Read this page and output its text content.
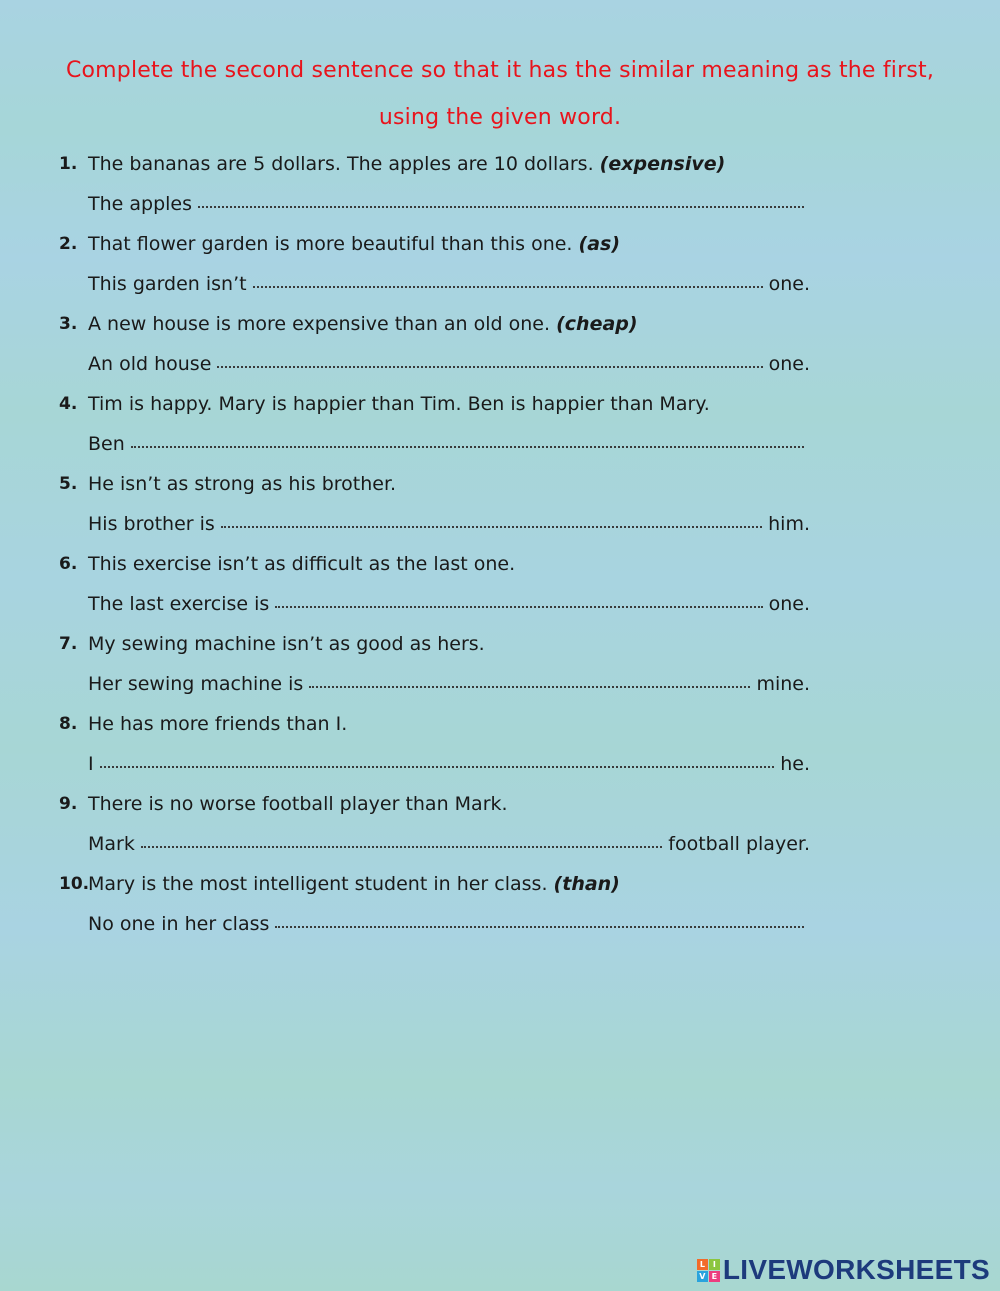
Complete the second sentence so that it has the similar meaning as the first,
using the given word.
1. The bananas are 5 dollars. The apples are 10 dollars. (expensive)
The apples
2. That flower garden is more beautiful than this one. (as)
This garden isn’t	one.
3. A new house is more expensive than an old one. (cheap)
An old house	one.
4. Tim is happy. Mary is happier than Tim. Ben is happier than Mary.
Ben
5. He isn’t as strong as his brother.
His brother is	him.
6. This exercise isn’t as difficult as the last one.
The last exercise is	one.
7. My sewing machine isn’t as good as hers.
Her sewing machine is	mine.
8. He has more friends than I.
I	he.
9. There is no worse football player than Mark.
Mark	football player.
10.
Mary is the most intelligent student in her class. (than)
No one in her class
L I
V E LIVEWORKSHEETS
